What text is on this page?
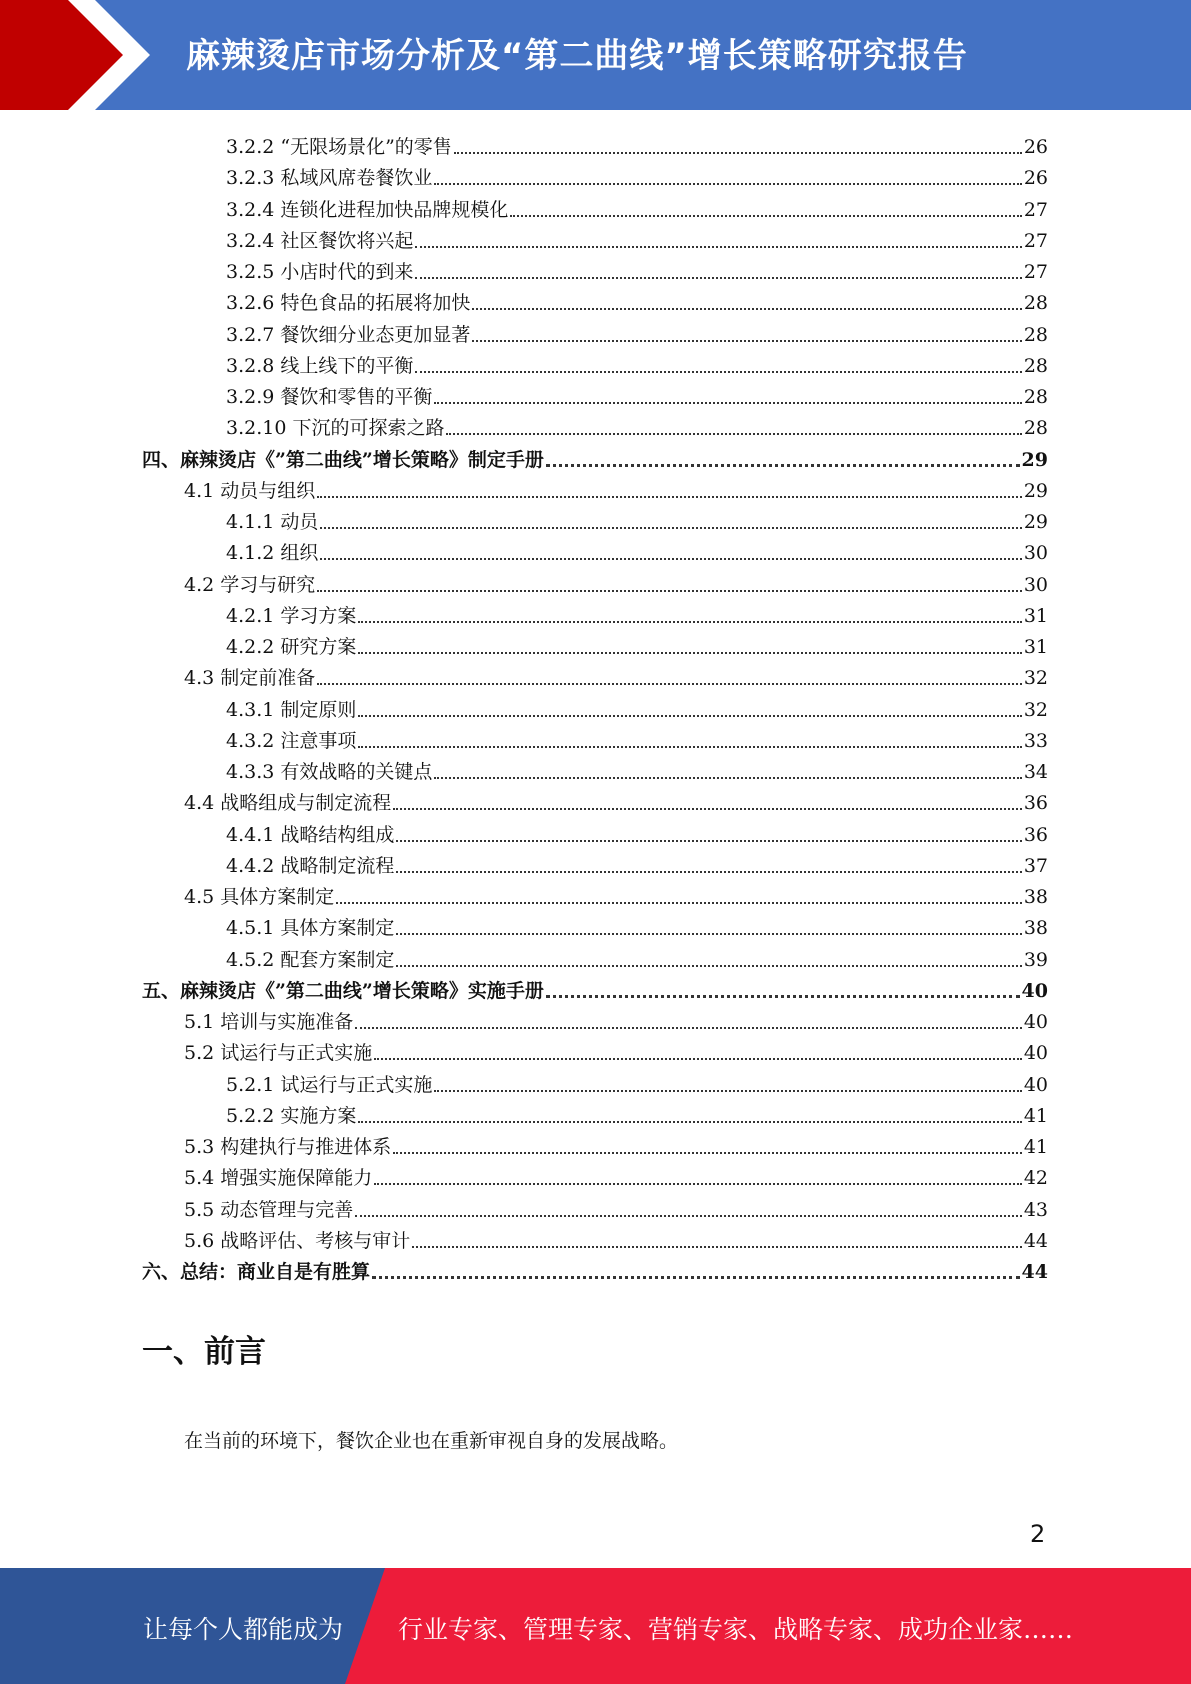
麻辣烫店市场分析及“第二曲线”增长策略研究报告
3.2.2 “无限场景化”的零售	26
3.2.3 私域风席卷餐饮业	26
3.2.4 连锁化进程加快品牌规模化	27
3.2.4 社区餐饮将兴起	27
3.2.5 小店时代的到来	27
3.2.6 特色食品的拓展将加快	28
3.2.7 餐饮细分业态更加显著	28
3.2.8 线上线下的平衡	28
3.2.9 餐饮和零售的平衡	28
3.2.10 下沉的可探索之路	28
四、麻辣烫店《”第二曲线”增长策略》制定手册	29
4.1 动员与组织	29
4.1.1 动员	29
4.1.2 组织	30
4.2 学习与研究	30
4.2.1 学习方案	31
4.2.2 研究方案	31
4.3 制定前准备	32
4.3.1 制定原则	32
4.3.2 注意事项	33
4.3.3 有效战略的关键点	34
4.4 战略组成与制定流程	36
4.4.1 战略结构组成	36
4.4.2 战略制定流程	37
4.5 具体方案制定	38
4.5.1 具体方案制定	38
4.5.2 配套方案制定	39
五、麻辣烫店《”第二曲线”增长策略》实施手册	40
5.1 培训与实施准备	40
5.2 试运行与正式实施	40
5.2.1 试运行与正式实施	40
5.2.2 实施方案	41
5.3 构建执行与推进体系	41
5.4 增强实施保障能力	42
5.5 动态管理与完善	43
5.6 战略评估、考核与审计	44
六、总结：商业自是有胜算	44
一、前言
在当前的环境下，餐饮企业也在重新审视自身的发展战略。
2
让每个人都能成为 行业专家、管理专家、营销专家、战略专家、成功企业家……
